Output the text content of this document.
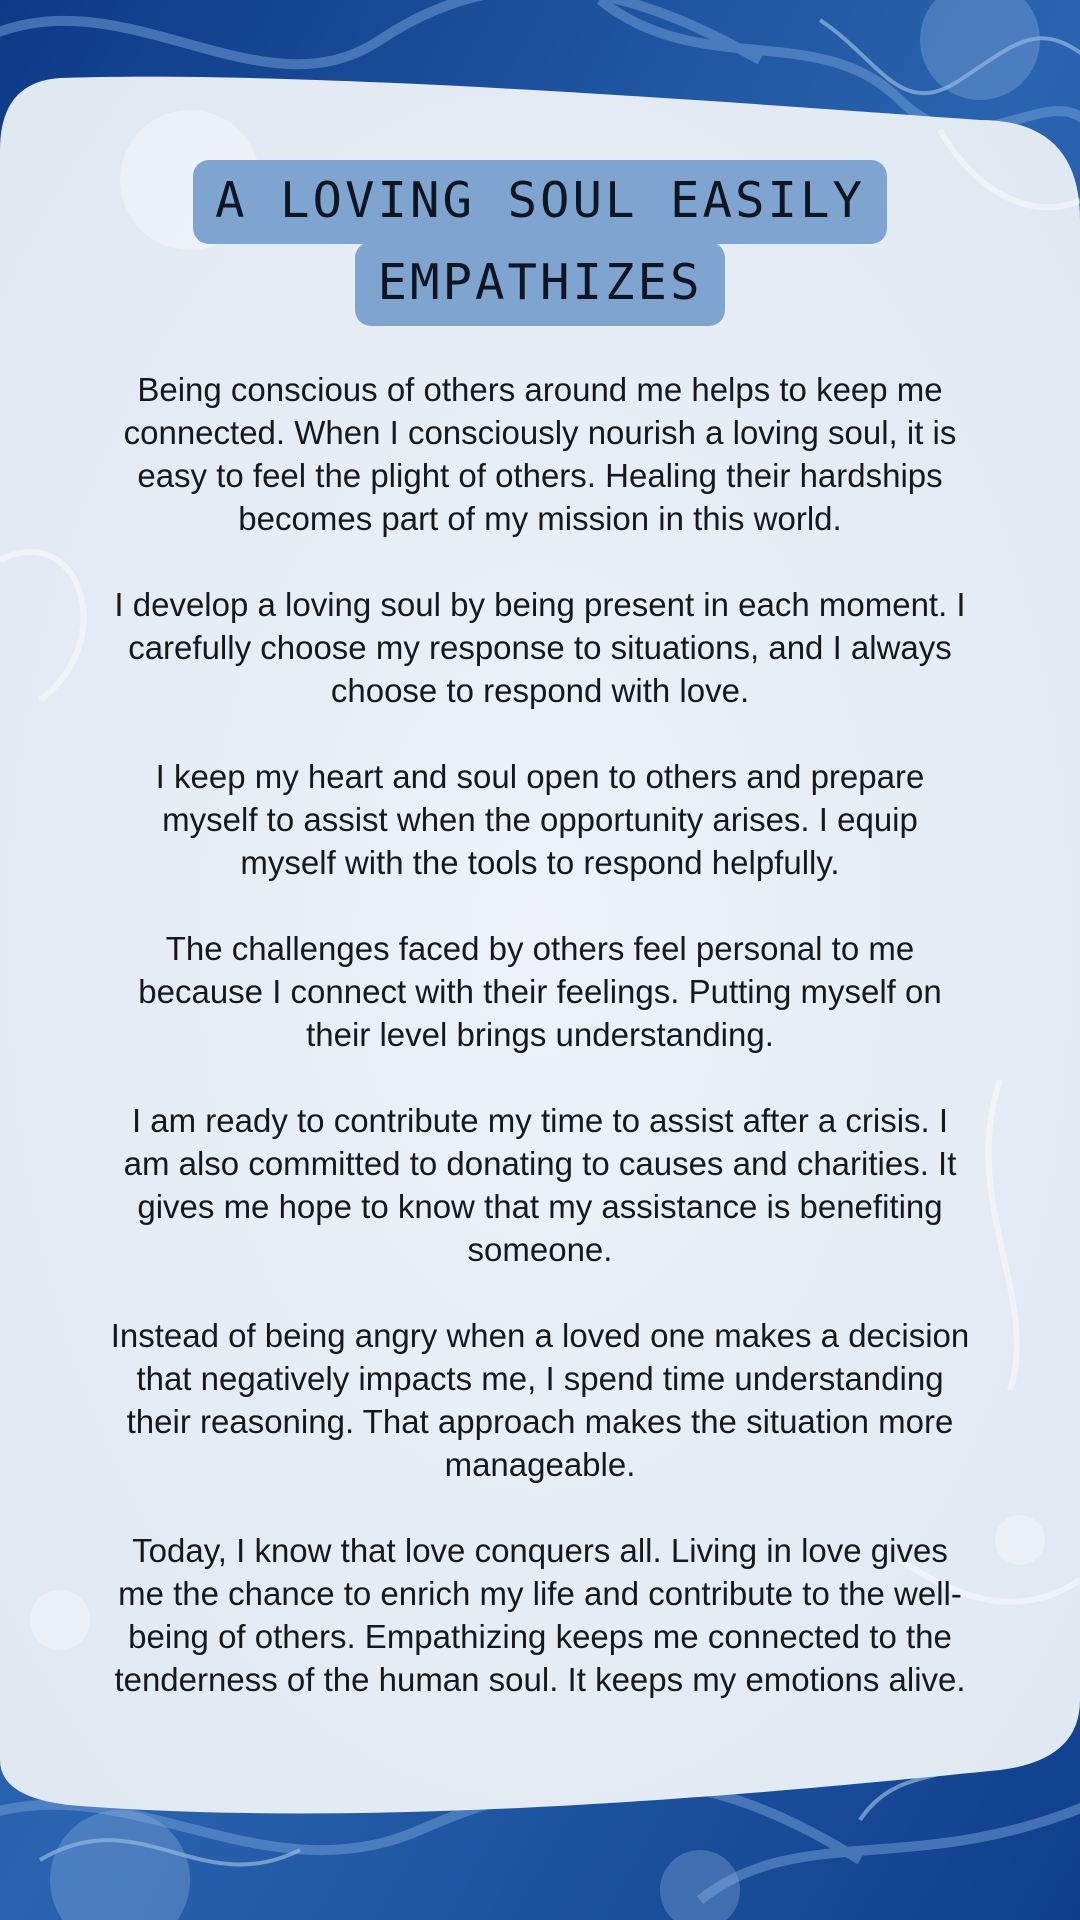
A LOVING SOUL EASILY
EMPATHIZES

Being conscious of others around me helps to keep me connected. When I consciously nourish a loving soul, it is easy to feel the plight of others. Healing their hardships becomes part of my mission in this world.

I develop a loving soul by being present in each moment. I carefully choose my response to situations, and I always choose to respond with love.

I keep my heart and soul open to others and prepare myself to assist when the opportunity arises. I equip myself with the tools to respond helpfully.

The challenges faced by others feel personal to me because I connect with their feelings. Putting myself on their level brings understanding.

I am ready to contribute my time to assist after a crisis. I am also committed to donating to causes and charities. It gives me hope to know that my assistance is benefiting someone.

Instead of being angry when a loved one makes a decision that negatively impacts me, I spend time understanding their reasoning. That approach makes the situation more manageable.

Today, I know that love conquers all. Living in love gives me the chance to enrich my life and contribute to the well-being of others. Empathizing keeps me connected to the tenderness of the human soul. It keeps my emotions alive.
